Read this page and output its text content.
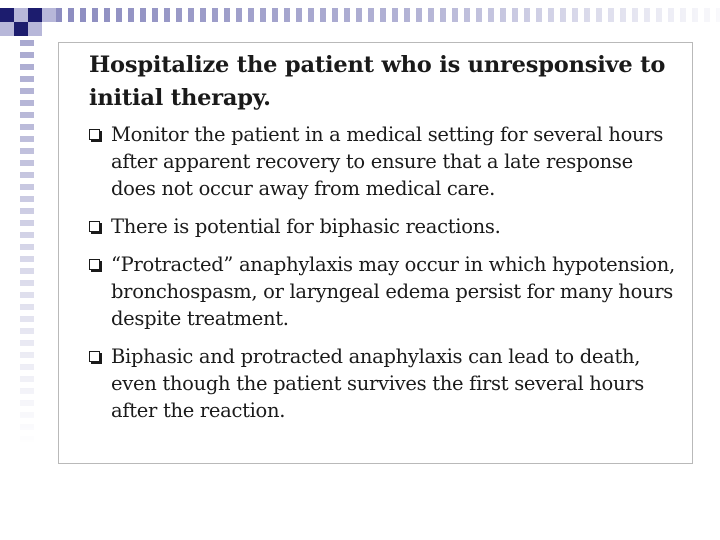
Hospitalize the patient who is unresponsive to initial therapy.
Monitor the patient in a medical setting for several hours after apparent recovery to ensure that a late response does not occur away from medical care.
There is potential for biphasic reactions.
“Protracted” anaphylaxis may occur in which hypotension, bronchospasm, or laryngeal edema persist for many hours despite treatment.
Biphasic and protracted anaphylaxis can lead to death, even though the patient survives the first several hours after the reaction.
